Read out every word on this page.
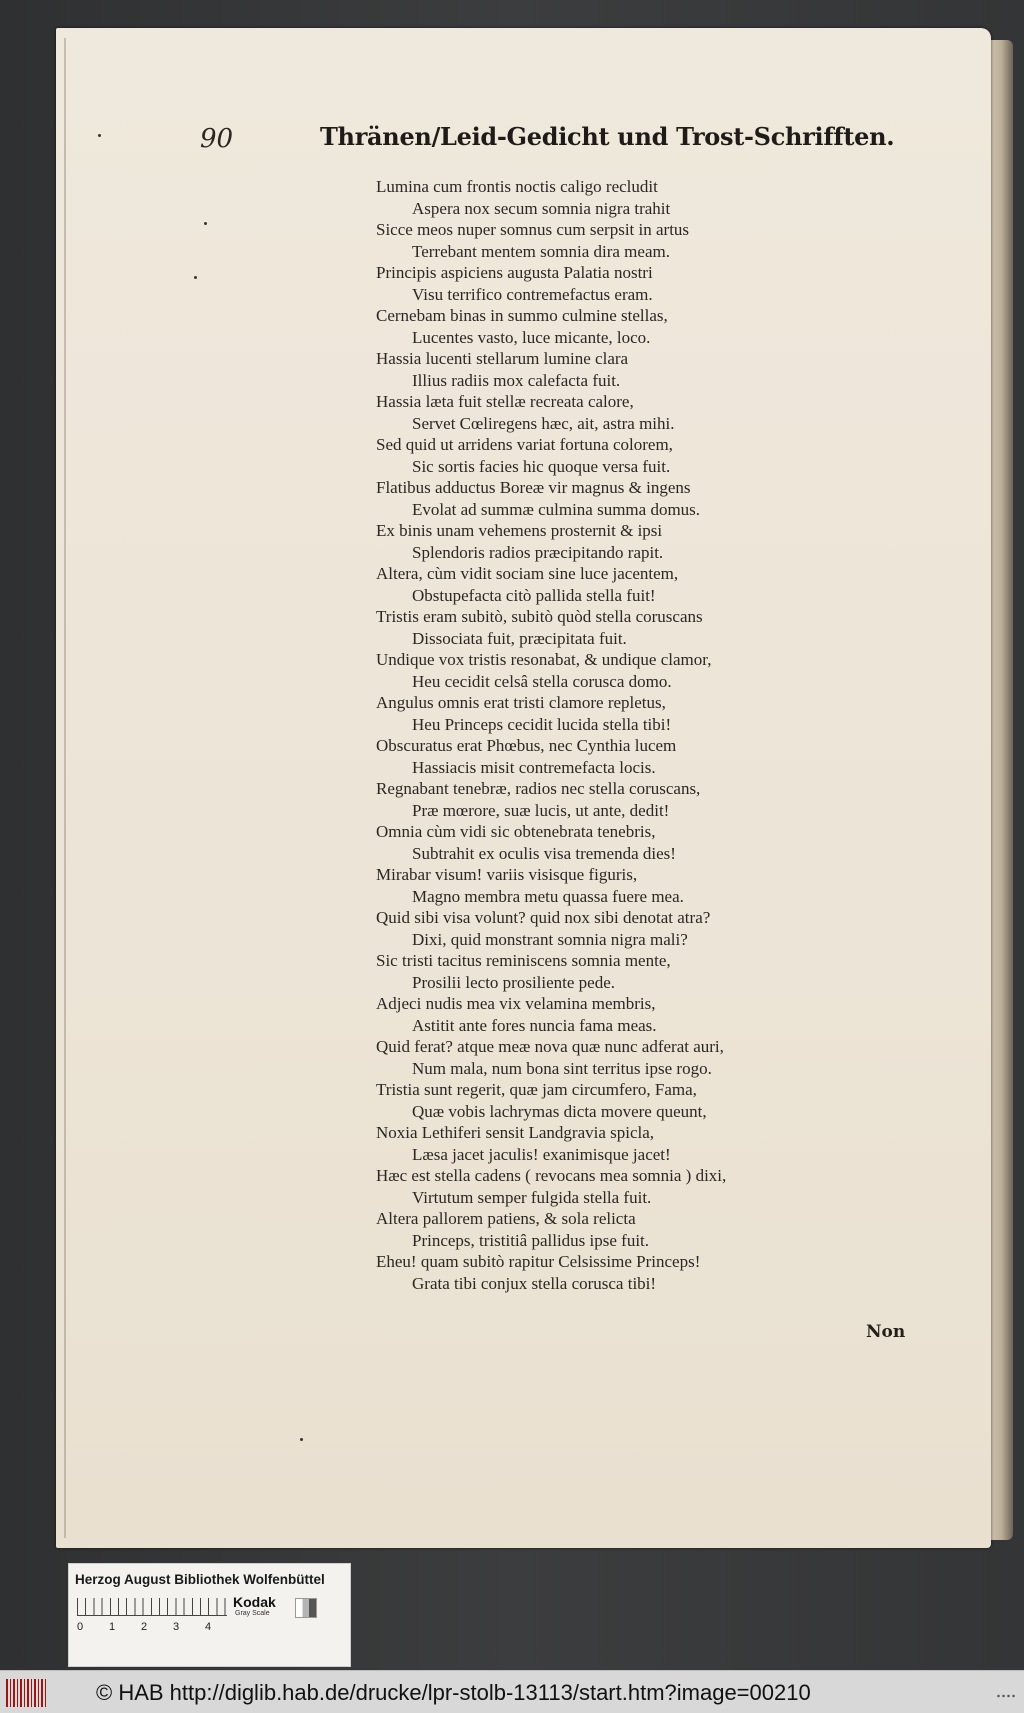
90	Thränen/Leid-Gedicht und Trost-Schrifften.
Lumina cum frontis noctis caligo recludit
Aspera nox secum somnia nigra trahit
Sicce meos nuper somnus cum serpsit in artus
Terrebant mentem somnia dira meam.
Principis aspiciens augusta Palatia nostri
Visu terrifico contremefactus eram.
Cernebam binas in summo culmine stellas,
Lucentes vasto, luce micante, loco.
Hassia lucenti stellarum lumine clara
Illius radiis mox calefacta fuit.
Hassia læta fuit stellæ recreata calore,
Servet Cœliregens hæc, ait, astra mihi.
Sed quid ut arridens variat fortuna colorem,
Sic sortis facies hic quoque versa fuit.
Flatibus adductus Boreæ vir magnus & ingens
Evolat ad summæ culmina summa domus.
Ex binis unam vehemens prosternit & ipsi
Splendoris radios præcipitando rapit.
Altera, cùm vidit sociam sine luce jacentem,
Obstupefacta citò pallida stella fuit!
Tristis eram subitò, subitò quòd stella coruscans
Dissociata fuit, præcipitata fuit.
Undique vox tristis resonabat, & undique clamor,
Heu cecidit celsâ stella corusca domo.
Angulus omnis erat tristi clamore repletus,
Heu Princeps cecidit lucida stella tibi!
Obscuratus erat Phœbus, nec Cynthia lucem
Hassiacis misit contremefacta locis.
Regnabant tenebræ, radios nec stella coruscans,
Præ mœrore, suæ lucis, ut ante, dedit!
Omnia cùm vidi sic obtenebrata tenebris,
Subtrahit ex oculis visa tremenda dies!
Mirabar visum! variis visisque figuris,
Magno membra metu quassa fuere mea.
Quid sibi visa volunt? quid nox sibi denotat atra?
Dixi, quid monstrant somnia nigra mali?
Sic tristi tacitus reminiscens somnia mente,
Prosilii lecto prosiliente pede.
Adjeci nudis mea vix velamina membris,
Astitit ante fores nuncia fama meas.
Quid ferat? atque meæ nova quæ nunc adferat auri,
Num mala, num bona sint territus ipse rogo.
Tristia sunt regerit, quæ jam circumfero, Fama,
Quæ vobis lachrymas dicta movere queunt,
Noxia Lethiferi sensit Landgravia spicla,
Læsa jacet jaculis! exanimisque jacet!
Hæc est stella cadens ( revocans mea somnia ) dixi,
Virtutum semper fulgida stella fuit.
Altera pallorem patiens, & sola relicta
Princeps, tristitiâ pallidus ipse fuit.
Eheu! quam subitò rapitur Celsissime Princeps!
Grata tibi conjux stella corusca tibi!
Non
Herzog August Bibliothek Wolfenbüttel
0 1 2 3 4
Kodak
Gray Scale
© HAB http://diglib.hab.de/drucke/lpr-stolb-13113/start.htm?image=00210
